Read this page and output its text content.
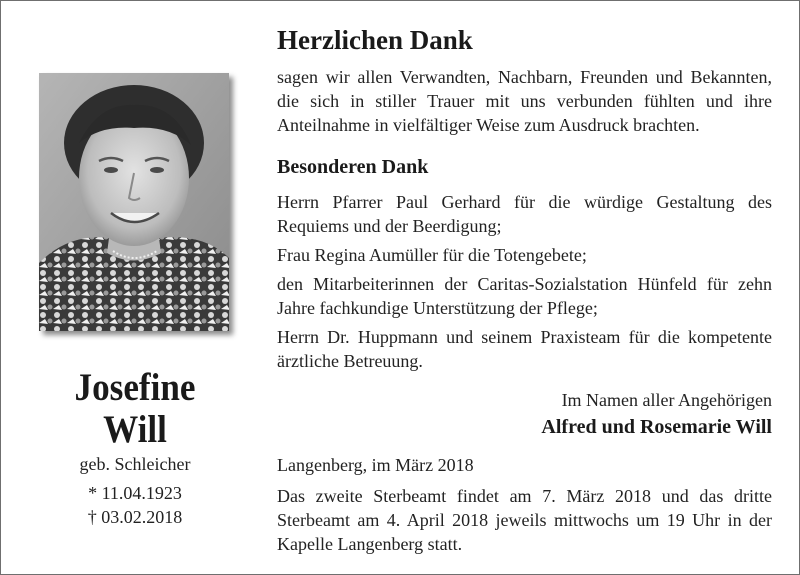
Josefine
Will
geb. Schleicher
* 11.04.1923
† 03.02.2018
Herzlichen Dank
sagen wir allen Verwandten, Nachbarn, Freunden und Bekannten, die sich in stiller Trauer mit uns verbunden fühlten und ihre Anteilnahme in vielfältiger Weise zum Ausdruck brachten.
Besonderen Dank
Herrn Pfarrer Paul Gerhard für die würdige Gestaltung des Requiems und der Beerdigung;
Frau Regina Aumüller für die Totengebete;
den Mitarbeiterinnen der Caritas-Sozialstation Hünfeld für zehn Jahre fachkundige Unterstützung der Pflege;
Herrn Dr. Huppmann und seinem Praxisteam für die kompetente ärztliche Betreuung.
Im Namen aller Angehörigen
Alfred und Rosemarie Will
Langenberg, im März 2018
Das zweite Sterbeamt findet am 7. März 2018 und das dritte Sterbeamt am 4. April 2018 jeweils mittwochs um 19 Uhr in der Kapelle Langenberg statt.
